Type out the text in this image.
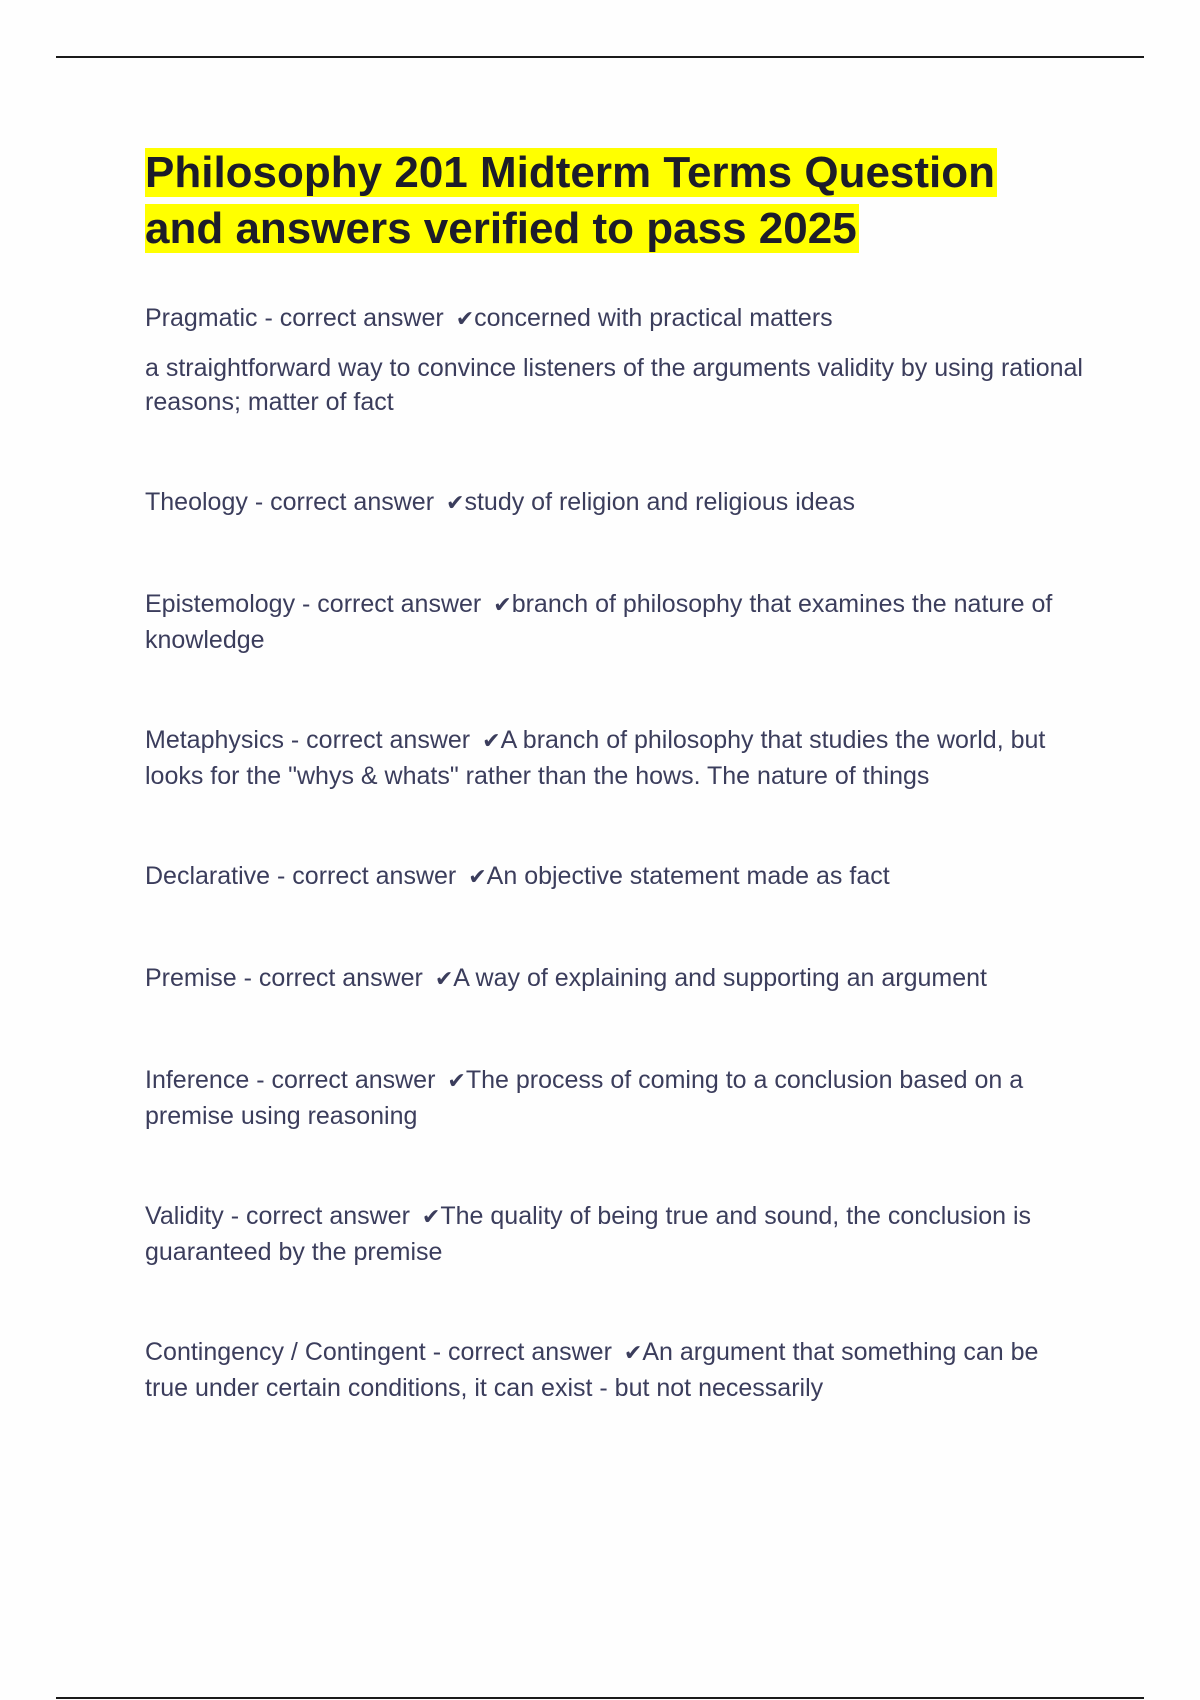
Philosophy 201 Midterm Terms Question
and answers verified to pass 2025

Pragmatic - correct answer ✔concerned with practical matters

a straightforward way to convince listeners of the arguments validity by using rational reasons; matter of fact

Theology - correct answer ✔study of religion and religious ideas

Epistemology - correct answer ✔branch of philosophy that examines the nature of knowledge

Metaphysics - correct answer ✔A branch of philosophy that studies the world, but looks for the "whys & whats" rather than the hows. The nature of things

Declarative - correct answer ✔An objective statement made as fact

Premise - correct answer ✔A way of explaining and supporting an argument

Inference - correct answer ✔The process of coming to a conclusion based on a premise using reasoning

Validity - correct answer ✔The quality of being true and sound, the conclusion is guaranteed by the premise

Contingency / Contingent - correct answer ✔An argument that something can be true under certain conditions, it can exist - but not necessarily
